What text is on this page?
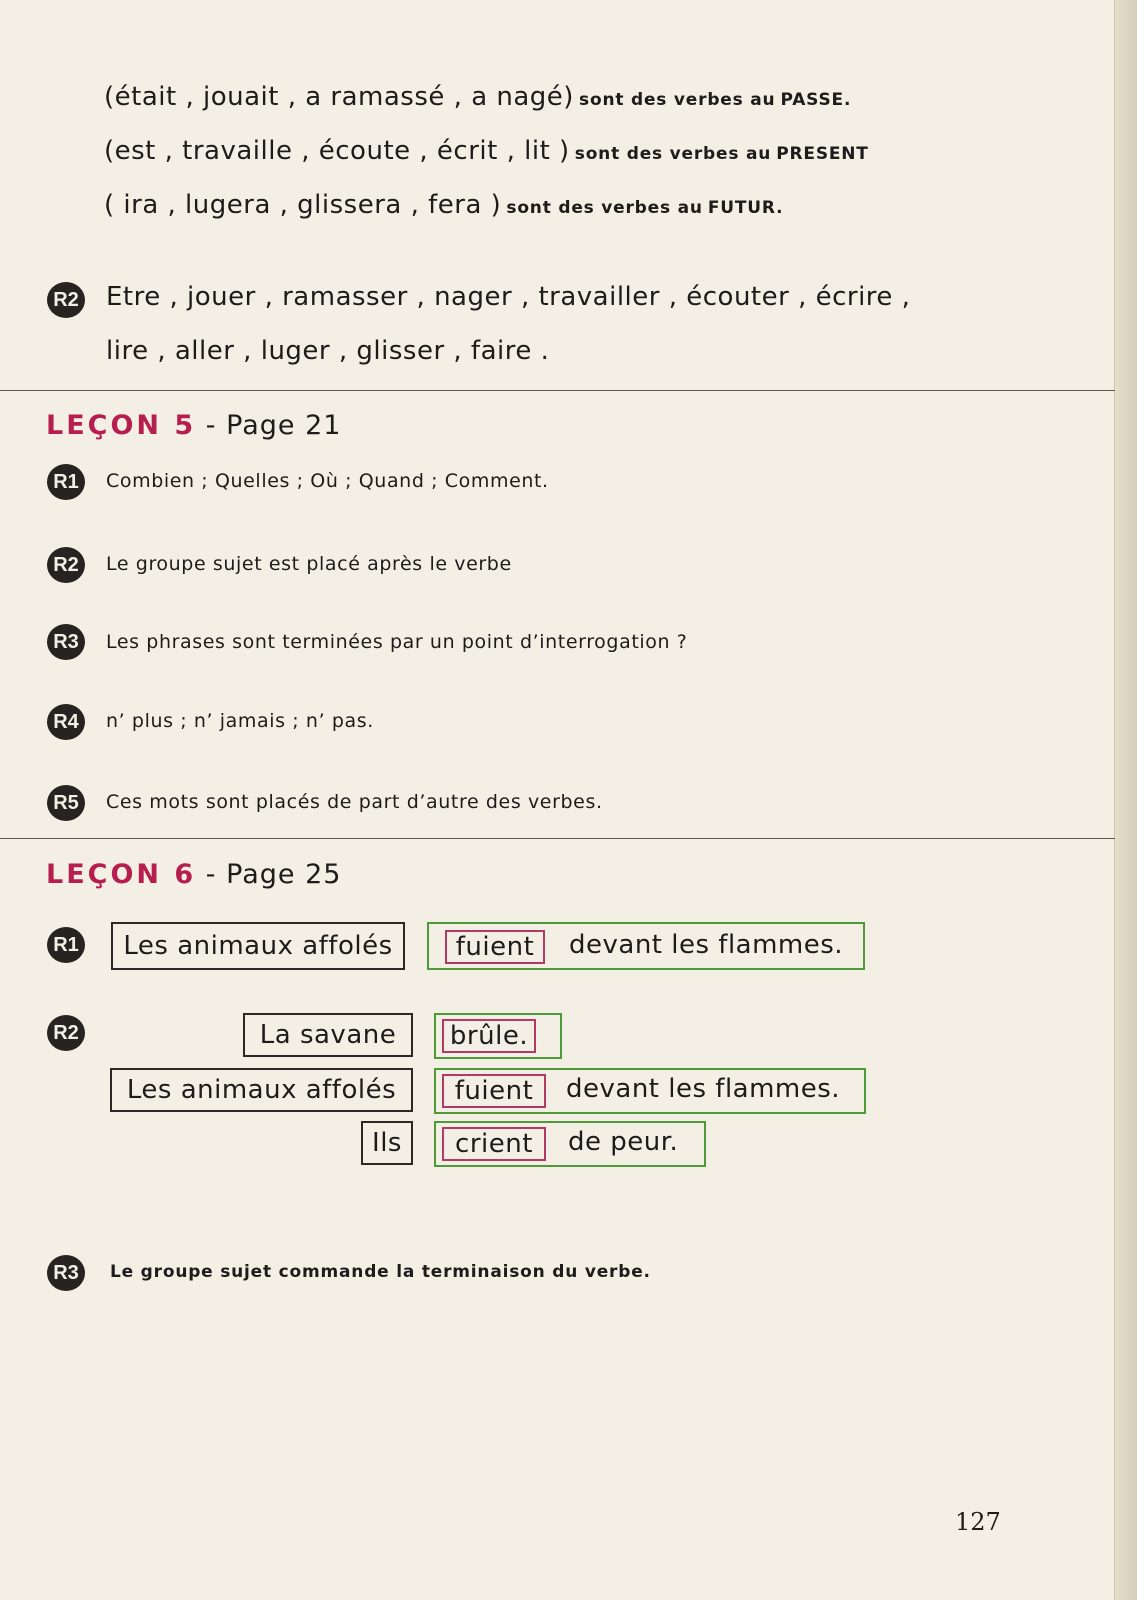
(était , jouait , a ramassé , a nagé) sont des verbes au PASSE.
(est , travaille , écoute , écrit , lit ) sont des verbes au PRESENT
( ira , lugera , glissera , fera ) sont des verbes au FUTUR.
R2 Etre , jouer , ramasser , nager , travailler , écouter , écrire ,
lire , aller , luger , glisser , faire .
LEÇON 5 - Page 21
R1	Combien ; Quelles ; Où ; Quand ; Comment.
R2	Le groupe sujet est placé après le verbe
R3	Les phrases sont terminées par un point d’interrogation ?
R4	n’ plus ; n’ jamais ; n’ pas.
R5	Ces mots sont placés de part d’autre des verbes.
LEÇON 6 - Page 25
R1	Les animaux affolés	fuient	devant les flammes.
R2	La savane	brûle.
Les animaux affolés	fuient	devant les flammes.
Ils	crient	de peur.
R3	Le groupe sujet commande la terminaison du verbe.
127
